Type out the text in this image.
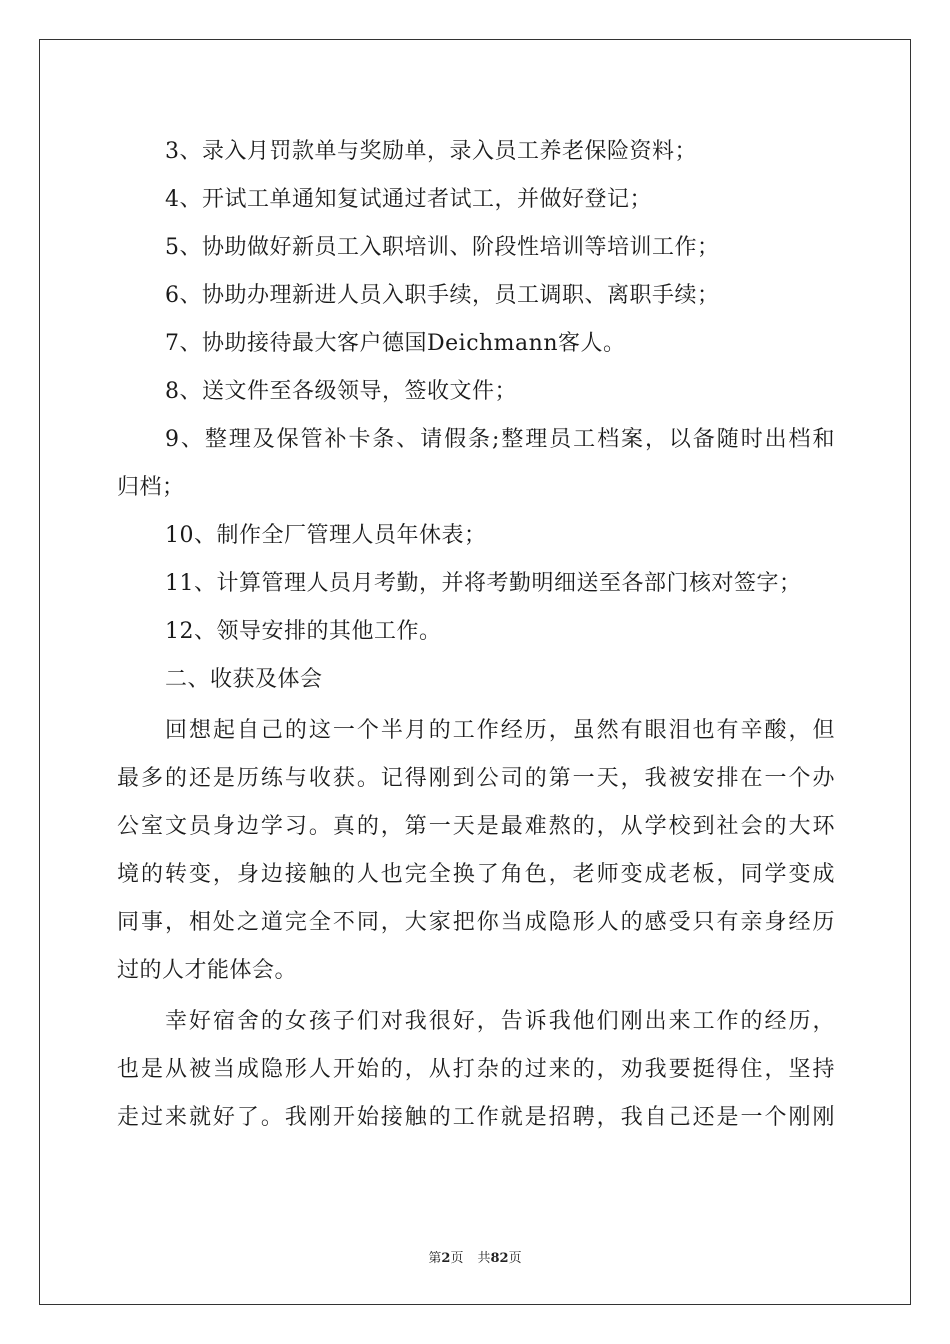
3、录入月罚款单与奖励单，录入员工养老保险资料；
4、开试工单通知复试通过者试工，并做好登记；
5、协助做好新员工入职培训、阶段性培训等培训工作；
6、协助办理新进人员入职手续，员工调职、离职手续；
7、协助接待最大客户德国Deichmann客人。
8、送文件至各级领导，签收文件；
9、整理及保管补卡条、请假条;整理员工档案，以备随时出档和
归档；
10、制作全厂管理人员年休表；
11、计算管理人员月考勤，并将考勤明细送至各部门核对签字；
12、领导安排的其他工作。
二、收获及体会
回想起自己的这一个半月的工作经历，虽然有眼泪也有辛酸，但
最多的还是历练与收获。记得刚到公司的第一天，我被安排在一个办
公室文员身边学习。真的，第一天是最难熬的，从学校到社会的大环
境的转变，身边接触的人也完全换了角色，老师变成老板，同学变成
同事，相处之道完全不同，大家把你当成隐形人的感受只有亲身经历
过的人才能体会。
幸好宿舍的女孩子们对我很好，告诉我他们刚出来工作的经历，
也是从被当成隐形人开始的，从打杂的过来的，劝我要挺得住，坚持
走过来就好了。我刚开始接触的工作就是招聘，我自己还是一个刚刚
第2页 共82页
